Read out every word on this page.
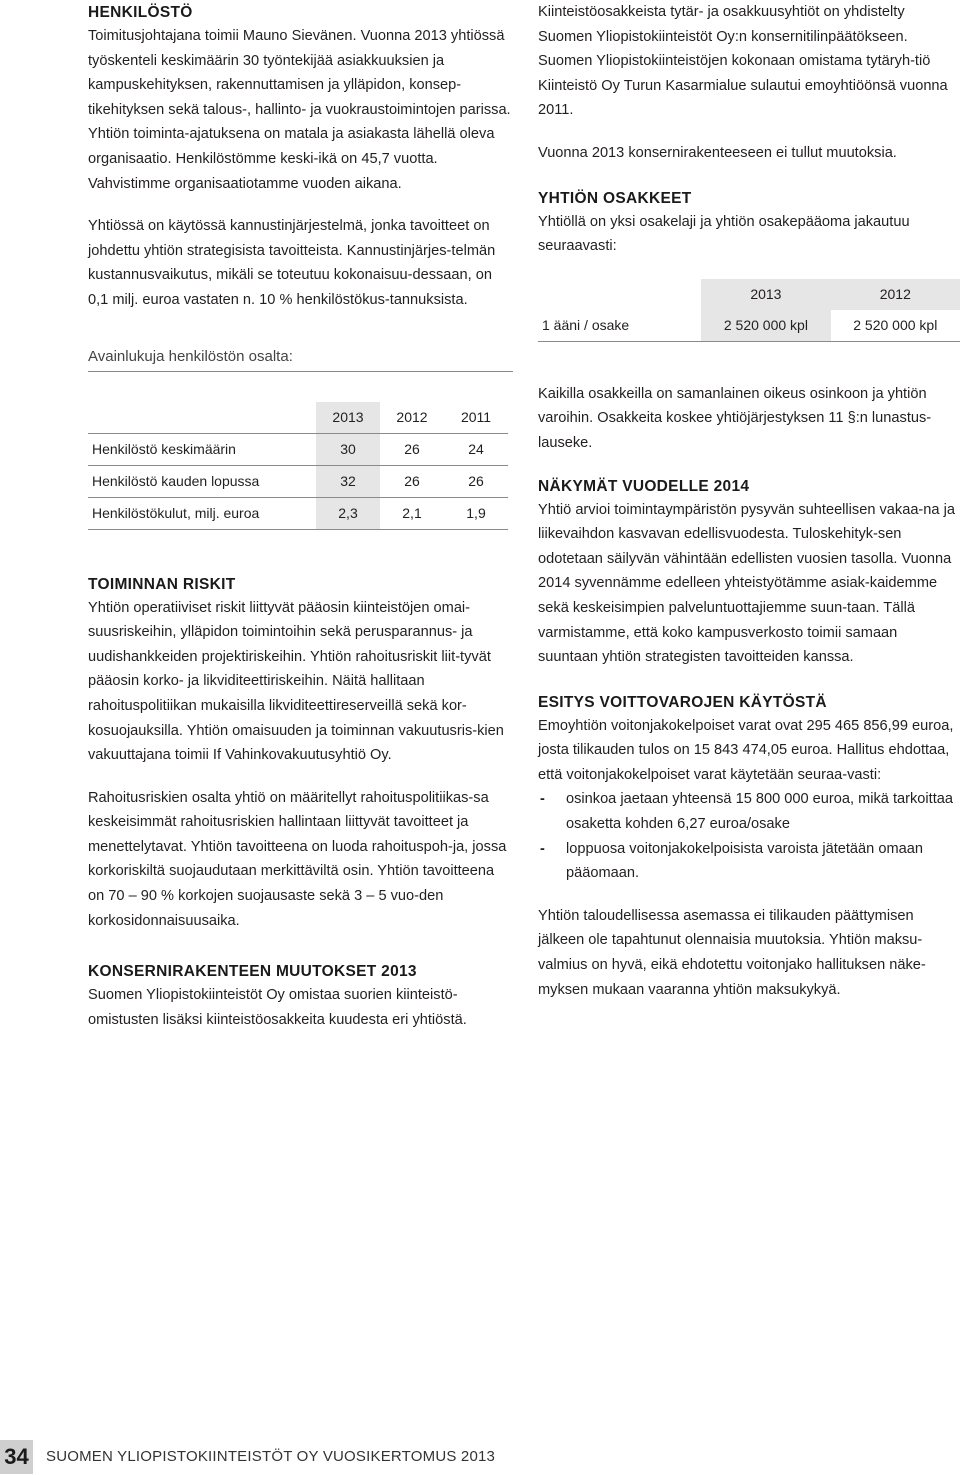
HENKILÖSTÖ

Toimitusjohtajana toimii Mauno Sievänen. Vuonna 2013 yhtiössä työskenteli keskimäärin 30 työntekijää asiakkuuksien ja kampuskehityksen, rakennuttamisen ja ylläpidon, konsep-tikehityksen sekä talous-, hallinto- ja vuokraustoimintojen parissa. Yhtiön toiminta-ajatuksena on matala ja asiakasta lähellä oleva organisaatio. Henkilöstömme keski-ikä on 45,7 vuotta. Vahvistimme organisaatiotamme vuoden aikana.

Yhtiössä on käytössä kannustinjärjestelmä, jonka tavoitteet on johdettu yhtiön strategisista tavoitteista. Kannustinjärjes-telmän kustannusvaikutus, mikäli se toteutuu kokonaisuu-dessaan, on 0,1 milj. euroa vastaten n. 10 % henkilöstökus-tannuksista.

Avainlukuja henkilöstön osalta:
	2013	2012	2011
Henkilöstö keskimäärin	30	26	24
Henkilöstö kauden lopussa	32	26	26
Henkilöstökulut, milj. euroa	2,3	2,1	1,9
TOIMINNAN RISKIT

Yhtiön operatiiviset riskit liittyvät pääosin kiinteistöjen omai-suusriskeihin, ylläpidon toimintoihin sekä perusparannus- ja uudishankkeiden projektiriskeihin. Yhtiön rahoitusriskit liit-tyvät pääosin korko- ja likviditeettiriskeihin. Näitä hallitaan rahoituspolitiikan mukaisilla likviditeettireserveillä sekä kor-kosuojauksilla. Yhtiön omaisuuden ja toiminnan vakuutusris-kien vakuuttajana toimii If Vahinkovakuutusyhtiö Oy.

Rahoitusriskien osalta yhtiö on määritellyt rahoituspolitiikas-sa keskeisimmät rahoitusriskien hallintaan liittyvät tavoitteet ja menettelytavat. Yhtiön tavoitteena on luoda rahoituspoh-ja, jossa korkoriskiltä suojaudutaan merkittäviltä osin. Yhtiön tavoitteena on 70 – 90 % korkojen suojausaste sekä 3 – 5 vuo-den korkosidonnaisuusaika.

KONSERNIRAKENTEEN MUUTOKSET 2013

Suomen Yliopistokiinteistöt Oy omistaa suorien kiinteistö-omistusten lisäksi kiinteistöosakkeita kuudesta eri yhtiöstä.

Kiinteistöosakkeista tytär- ja osakkuusyhtiöt on yhdistelty Suomen Yliopistokiinteistöt Oy:n konsernitilinpäätökseen. Suomen Yliopistokiinteistöjen kokonaan omistama tytäryh-tiö Kiinteistö Oy Turun Kasarmialue sulautui emoyhtiöönsä vuonna 2011.

Vuonna 2013 konsernirakenteeseen ei tullut muutoksia.

YHTIÖN OSAKKEET

Yhtiöllä on yksi osakelaji ja yhtiön osakepääoma jakautuu seuraavasti:

	2013	2012
1 ääni / osake	2 520 000 kpl	2 520 000 kpl

Kaikilla osakkeilla on samanlainen oikeus osinkoon ja yhtiön varoihin. Osakkeita koskee yhtiöjärjestyksen 11 §:n lunastus-lauseke.

NÄKYMÄT VUODELLE 2014

Yhtiö arvioi toimintaympäristön pysyvän suhteellisen vakaa-na ja liikevaihdon kasvavan edellisvuodesta. Tuloskehityk-sen odotetaan säilyvän vähintään edellisten vuosien tasolla. Vuonna 2014 syvennämme edelleen yhteistyötämme asiak-kaidemme sekä keskeisimpien palveluntuottajiemme suun-taan. Tällä varmistamme, että koko kampusverkosto toimii samaan suuntaan yhtiön strategisten tavoitteiden kanssa.

ESITYS VOITTOVAROJEN KÄYTÖSTÄ

Emoyhtiön voitonjakokelpoiset varat ovat 295 465 856,99 euroa, josta tilikauden tulos on 15 843 474,05 euroa. Hallitus ehdottaa, että voitonjakokelpoiset varat käytetään seuraa-vasti:

- osinkoa jaetaan yhteensä 15 800 000 euroa, mikä tarkoittaa osaketta kohden 6,27 euroa/osake
- loppuosa voitonjakokelpoisista varoista jätetään omaan pääomaan.

Yhtiön taloudellisessa asemassa ei tilikauden päättymisen jälkeen ole tapahtunut olennaisia muutoksia. Yhtiön maksu-valmius on hyvä, eikä ehdotettu voitonjako hallituksen näke-myksen mukaan vaaranna yhtiön maksukykyä.

34 SUOMEN YLIOPISTOKIINTEISTÖT OY VUOSIKERTOMUS 2013
